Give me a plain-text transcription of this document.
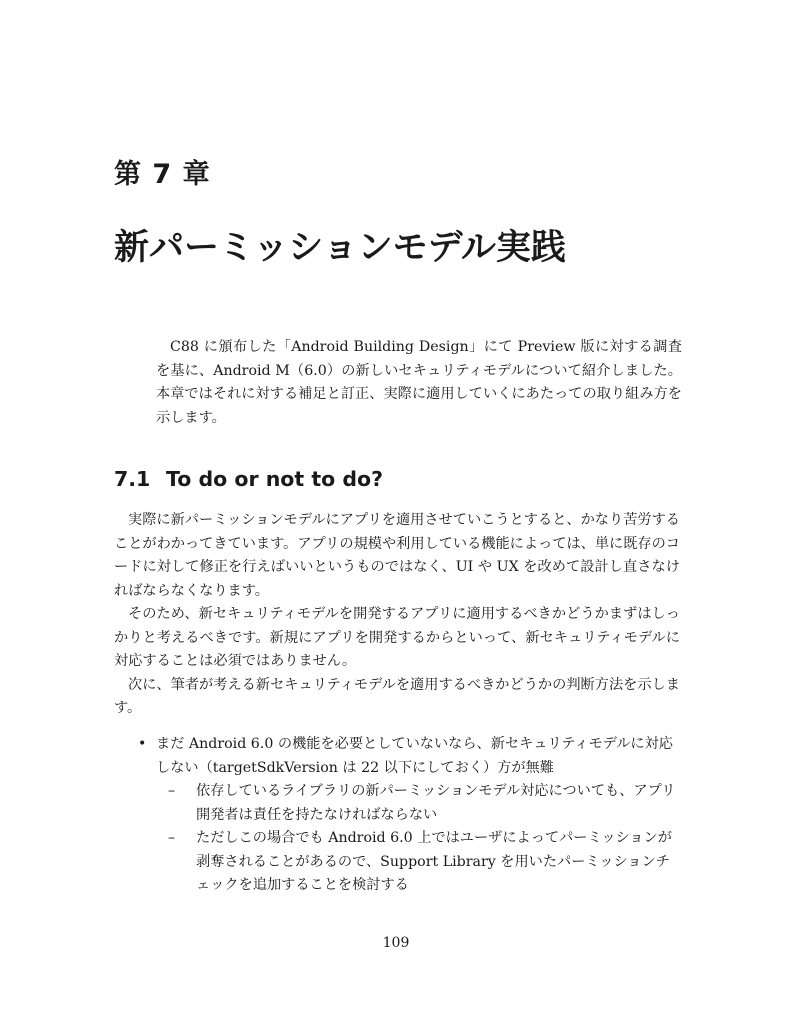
第 7 章
新パーミッションモデル実践

C88 に頒布した「Android Building Design」にて Preview 版に対する調査を基に、Android M（6.0）の新しいセキュリティモデルについて紹介しました。本章ではそれに対する補足と訂正、実際に適用していくにあたっての取り組み方を示します。

7.1 To do or not to do?

実際に新パーミッションモデルにアプリを適用させていこうとすると、かなり苦労することがわかってきています。アプリの規模や利用している機能によっては、単に既存のコードに対して修正を行えばいいというものではなく、UI や UX を改めて設計し直さなければならなくなります。

そのため、新セキュリティモデルを開発するアプリに適用するべきかどうかまずはしっかりと考えるべきです。新規にアプリを開発するからといって、新セキュリティモデルに対応することは必須ではありません。

次に、筆者が考える新セキュリティモデルを適用するべきかどうかの判断方法を示します。

• まだ Android 6.0 の機能を必要としていないなら、新セキュリティモデルに対応しない（targetSdkVersion は 22 以下にしておく）方が無難
– 依存しているライブラリの新パーミッションモデル対応についても、アプリ開発者は責任を持たなければならない
– ただしこの場合でも Android 6.0 上ではユーザによってパーミッションが剥奪されることがあるので、Support Library を用いたパーミッションチェックを追加することを検討する

109
